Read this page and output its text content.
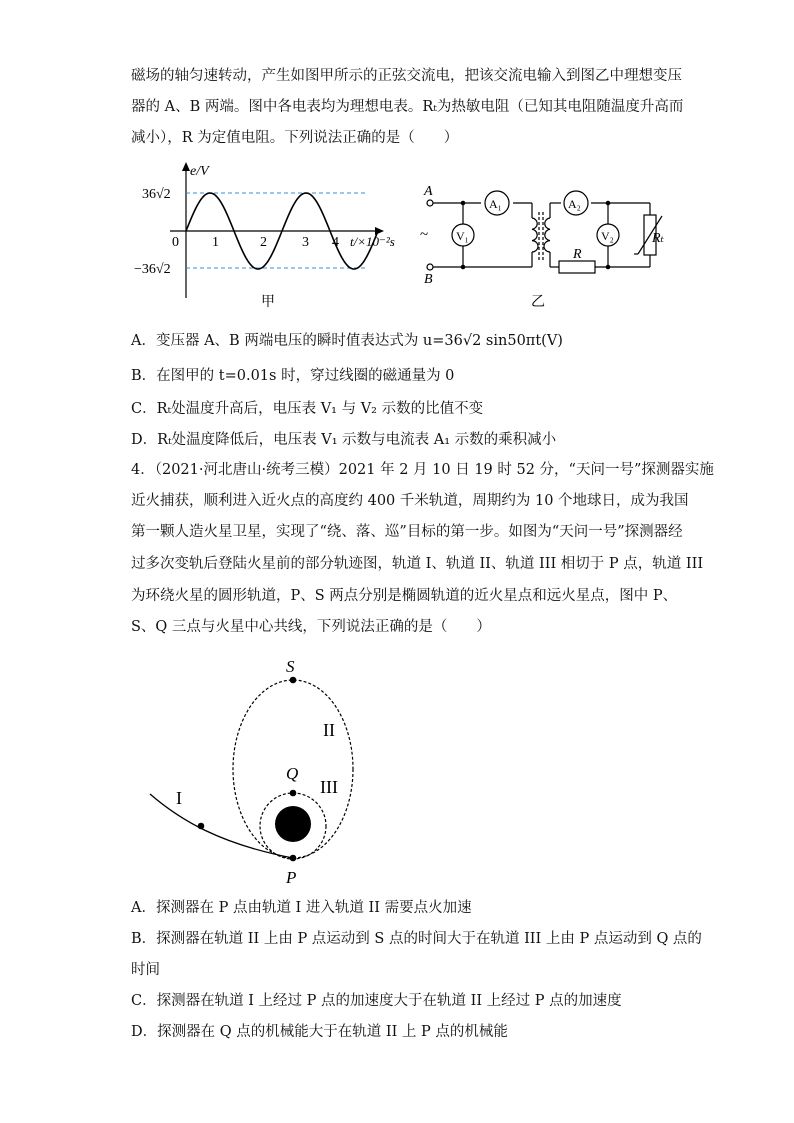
磁场的轴匀速转动，产生如图甲所示的正弦交流电，把该交流电输入到图乙中理想变压
器的 A、B 两端。图中各电表均为理想电表。Rₜ为热敏电阻（已知其电阻随温度升高而
减小），R 为定值电阻。下列说法正确的是（　　）
e/V
36√2
0
−36√2
1	2	3 4 t/×10⁻²s
甲
A
B
~
A₁
V₁
A₂
V₂
R
Rₜ
乙
A．变压器 A、B 两端电压的瞬时值表达式为 u=36√2 sin50πt(V)
B．在图甲的 t=0.01s 时，穿过线圈的磁通量为 0
C．Rₜ处温度升高后，电压表 V₁ 与 V₂ 示数的比值不变
D．Rₜ处温度降低后，电压表 V₁ 示数与电流表 A₁ 示数的乘积减小
4．（2021·河北唐山·统考三模）2021 年 2 月 10 日 19 时 52 分，“天问一号”探测器实施
近火捕获，顺利进入近火点的高度约 400 千米轨道，周期约为 10 个地球日，成为我国
第一颗人造火星卫星，实现了“绕、落、巡”目标的第一步。如图为“天问一号”探测器经
过多次变轨后登陆火星前的部分轨迹图，轨道 I、轨道 II、轨道 III 相切于 P 点，轨道 III
为环绕火星的圆形轨道，P、S 两点分别是椭圆轨道的近火星点和远火星点，图中 P、
S、Q 三点与火星中心共线，下列说法正确的是（　　）
S
Q
P
I
II
III
A．探测器在 P 点由轨道 I 进入轨道 II 需要点火加速
B．探测器在轨道 II 上由 P 点运动到 S 点的时间大于在轨道 III 上由 P 点运动到 Q 点的
时间
C．探测器在轨道 I 上经过 P 点的加速度大于在轨道 II 上经过 P 点的加速度
D．探测器在 Q 点的机械能大于在轨道 II 上 P 点的机械能
